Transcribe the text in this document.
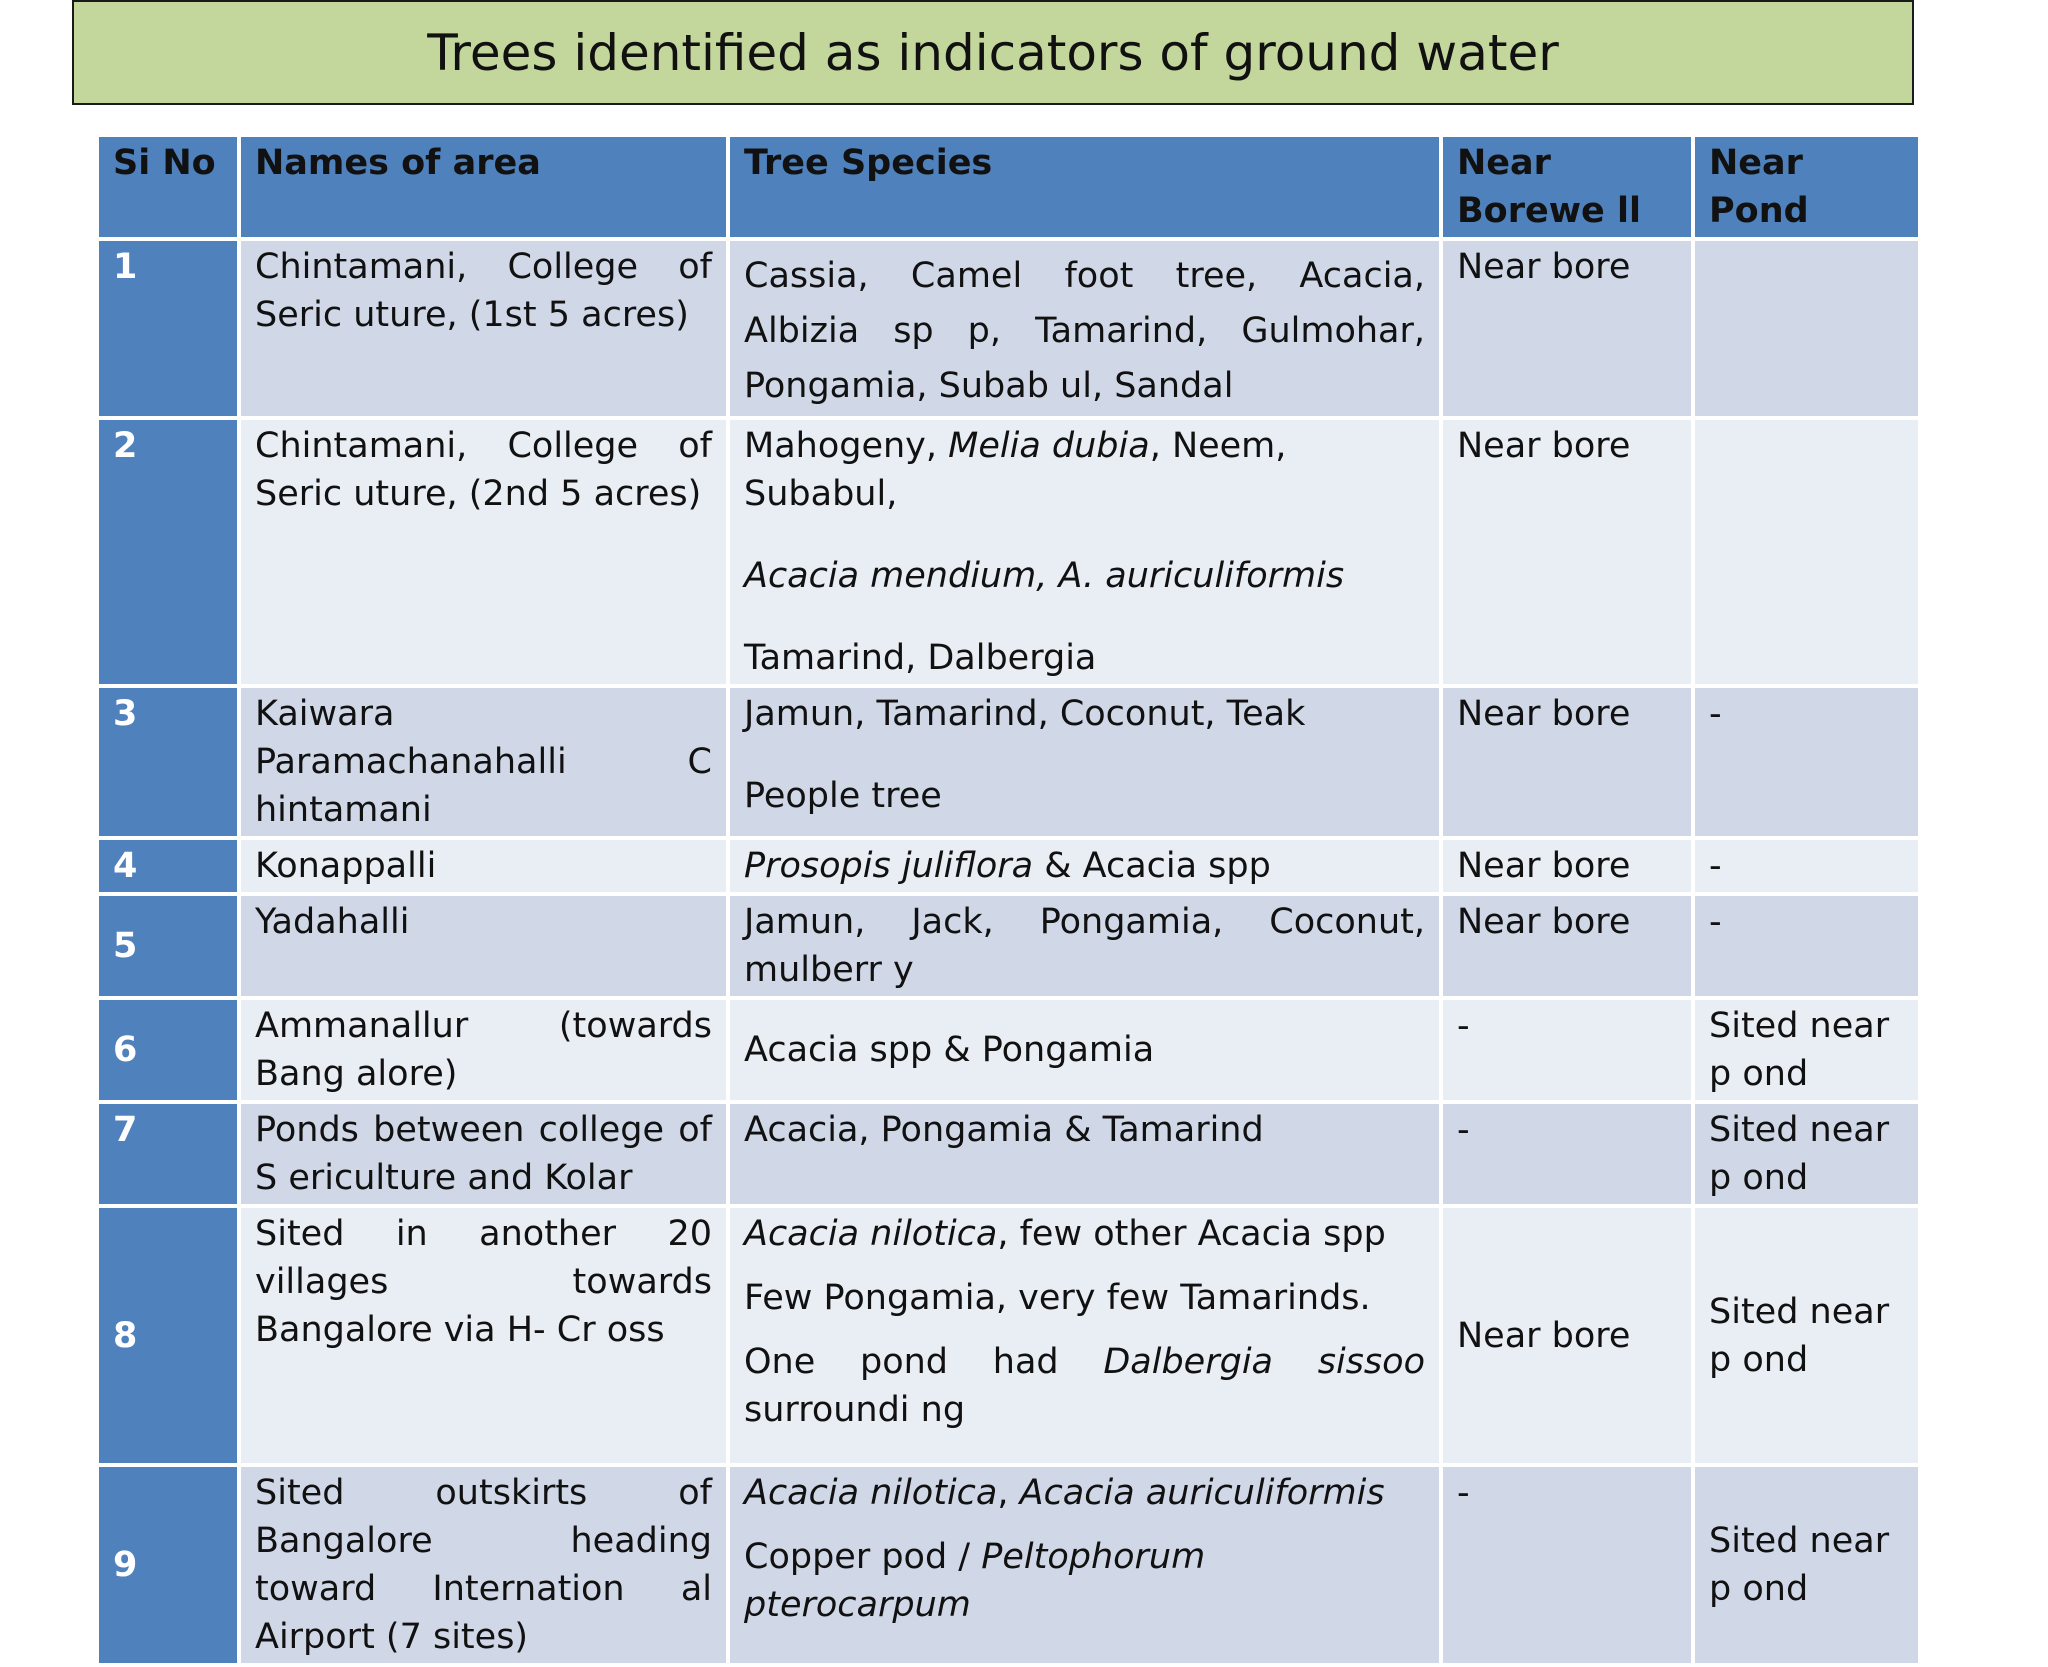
Trees identified as indicators of ground water
Si No	Names of area	Tree Species	Near Borewe ll	Near Pond
1	Chintamani, College of Seric uture, (1st 5 acres)	Cassia, Camel foot tree, Acacia, Albizia sp p, Tamarind, Gulmohar, Pongamia, Subab ul, Sandal	Near bore	
2	Chintamani, College of Seric uture, (2nd 5 acres)	Mahogeny, Melia dubia, Neem, Subabul,
Acacia mendium, A. auriculiformis
Tamarind, Dalbergia	Near bore	
3	Kaiwara Paramachanahalli C hintamani	Jamun, Tamarind, Coconut, Teak
People tree	Near bore	-
4	Konappalli	Prosopis juliflora & Acacia spp	Near bore	-
5	Yadahalli	Jamun, Jack, Pongamia, Coconut, mulberr y	Near bore	-
6	Ammanallur (towards Bang alore)	Acacia spp & Pongamia	-	Sited near p ond
7	Ponds between college of S ericulture and Kolar	Acacia, Pongamia & Tamarind	-	Sited near p ond
8	Sited in another 20 villages towards Bangalore via H- Cr oss	Acacia nilotica, few other Acacia spp
Few Pongamia, very few Tamarinds.
One pond had Dalbergia sissoo surroundi ng	Near bore	Sited near p ond
9	Sited outskirts of Bangalore heading toward Internation al Airport (7 sites)	Acacia nilotica, Acacia auriculiformis
Copper pod / Peltophorum pterocarpum	-	Sited near p ond
